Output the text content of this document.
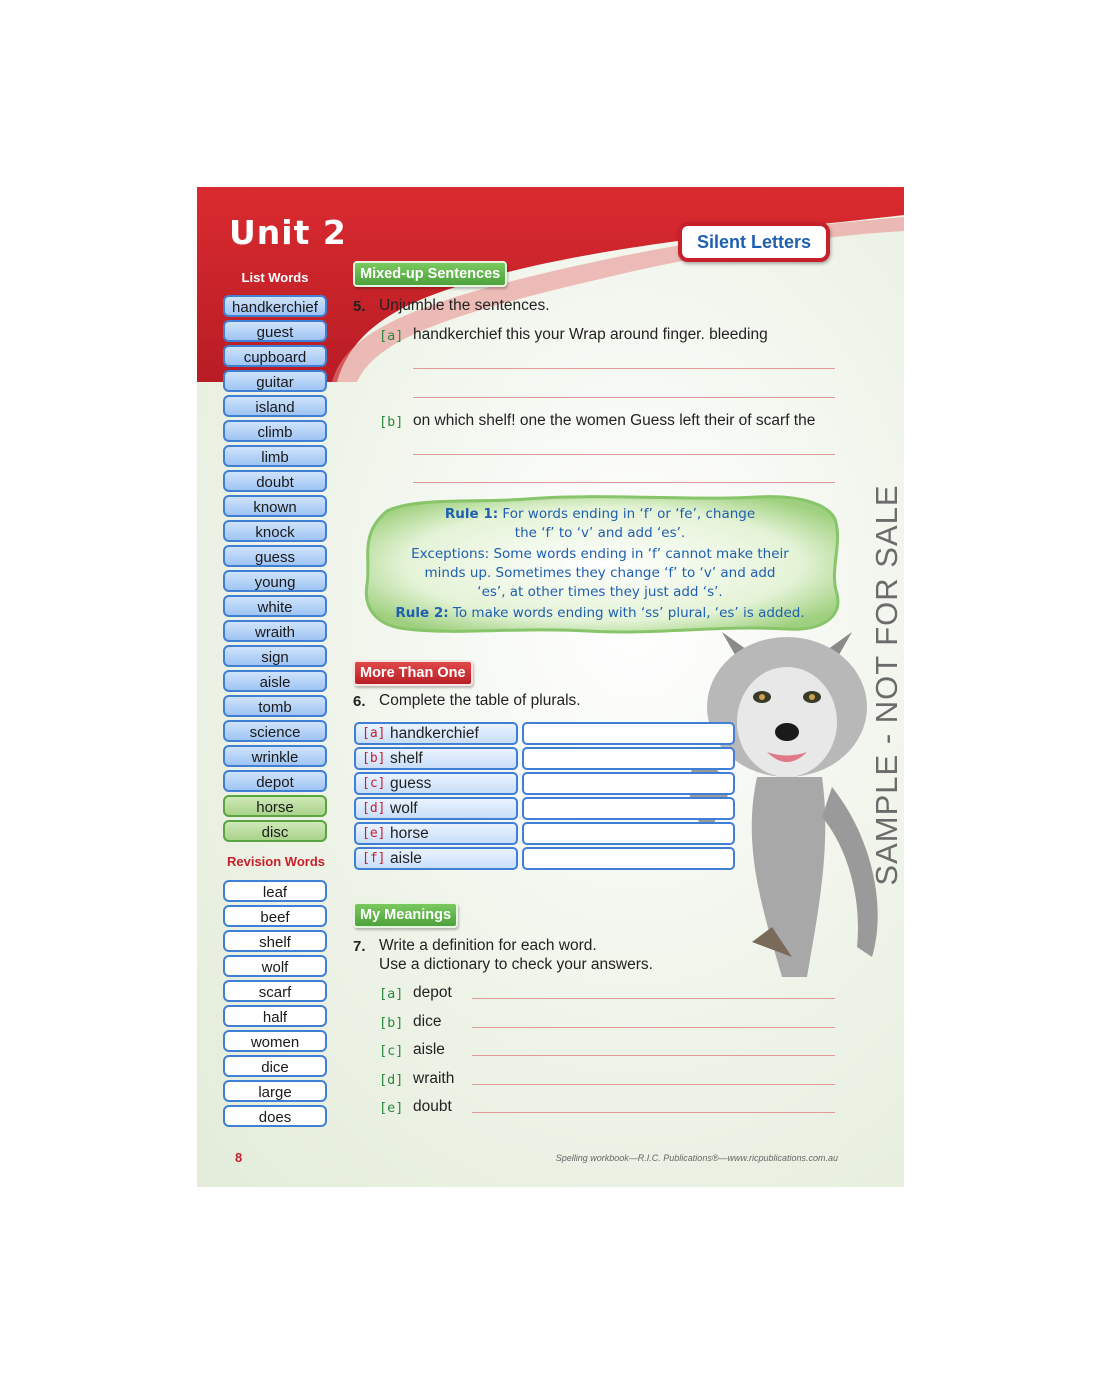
Unit 2
List Words
Silent Letters
handkerchief
guest
cupboard
guitar
island
climb
limb
doubt
known
knock
guess
young
white
wraith
sign
aisle
tomb
science
wrinkle
depot
horse
disc
Revision Words
leaf
beef
shelf
wolf
scarf
half
women
dice
large
does
Mixed-up Sentences
5. Unjumble the sentences.
[a] handkerchief this your Wrap around finger. bleeding
[b] on which shelf! one the women Guess left their of scarf the
Rule 1: For words ending in ‘f’ or ‘fe’, change
the ‘f’ to ‘v’ and add ‘es’.
Exceptions: Some words ending in ‘f’ cannot make their
minds up. Sometimes they change ‘f’ to ‘v’ and add
‘es’, at other times they just add ‘s’.
Rule 2: To make words ending with ‘ss’ plural, ‘es’ is added.
More Than One
6. Complete the table of plurals.
[a] handkerchief
[b] shelf
[c] guess
[d] wolf
[e] horse
[f] aisle
My Meanings
7. Write a definition for each word.
Use a dictionary to check your answers.
[a] depot
[b] dice
[c] aisle
[d] wraith
[e] doubt
SAMPLE - NOT FOR SALE
8	Spelling workbook—R.I.C. Publications®—www.ricpublications.com.au
